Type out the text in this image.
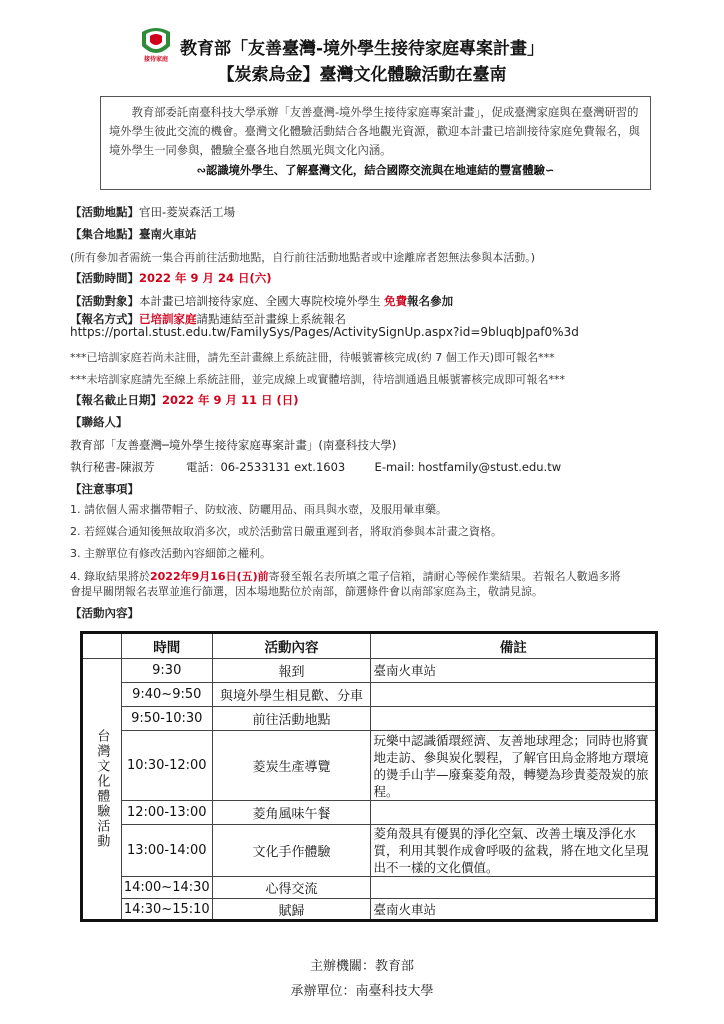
接待家庭
教育部「友善臺灣-境外學生接待家庭專案計畫」
【炭索烏金】臺灣文化體驗活動在臺南

教育部委託南臺科技大學承辦「友善臺灣-境外學生接待家庭專案計畫」，促成臺灣家庭與在臺灣研習的境外學生彼此交流的機會。臺灣文化體驗活動結合各地觀光資源，歡迎本計畫已培訓接待家庭免費報名，與境外學生一同參與，體驗全臺各地自然風光與文化內涵。

∾認識境外學生、了解臺灣文化，結合國際交流與在地連結的豐富體驗∽

【活動地點】官田-菱炭森活工場
【集合地點】臺南火車站
(所有參加者需統一集合再前往活動地點，自行前往活動地點者或中途離席者恕無法參與本活動。)
【活動時間】2022 年 9 月 24 日(六)
【活動對象】本計畫已培訓接待家庭、全國大專院校境外學生 免費報名參加
【報名方式】已培訓家庭請點連結至計畫線上系統報名
https://portal.stust.edu.tw/FamilySys/Pages/ActivitySignUp.aspx?id=9bluqbJpaf0%3d
***已培訓家庭若尚未註冊，請先至計畫線上系統註冊，待帳號審核完成(約 7 個工作天)即可報名***
***未培訓家庭請先至線上系統註冊，並完成線上或實體培訓，待培訓通過且帳號審核完成即可報名***
【報名截止日期】2022 年 9 月 11 日 (日)
【聯絡人】
教育部「友善臺灣─境外學生接待家庭專案計畫」(南臺科技大學)
執行秘書-陳淑芳	電話：06-2533131 ext.1603	E-mail: hostfamily@stust.edu.tw
【注意事項】
1. 請依個人需求攜帶帽子、防蚊液、防曬用品、雨具與水壺，及服用暈車藥。
2. 若經媒合通知後無故取消多次，或於活動當日嚴重遲到者，將取消參與本計畫之資格。
3. 主辦單位有修改活動內容細節之權利。
4. 錄取結果將於2022年9月16日(五)前寄發至報名表所填之電子信箱，請耐心等候作業結果。若報名人數過多將
會提早關閉報名表單並進行篩選，因本場地點位於南部，篩選條件會以南部家庭為主，敬請見諒。
【活動內容】
	時間	活動內容	備註
台灣文化體驗活動	9:30	報到	臺南火車站
	9:40~9:50	與境外學生相見歡、分車	
	9:50-10:30	前往活動地點	
	10:30-12:00	菱炭生產導覽	玩樂中認識循環經濟、友善地球理念；同時也將實地走訪、參與炭化製程，了解官田烏金將地方環境的燙手山芋—廢棄菱角殼，轉變為珍貴菱殼炭的旅程。
	12:00-13:00	菱角風味午餐	
	13:00-14:00	文化手作體驗	菱角殼具有優異的淨化空氣、改善土壤及淨化水質，利用其製作成會呼吸的盆栽，將在地文化呈現出不一樣的文化價值。
	14:00~14:30	心得交流	
	14:30~15:10	賦歸	臺南火車站
主辦機關：教育部
承辦單位：南臺科技大學
